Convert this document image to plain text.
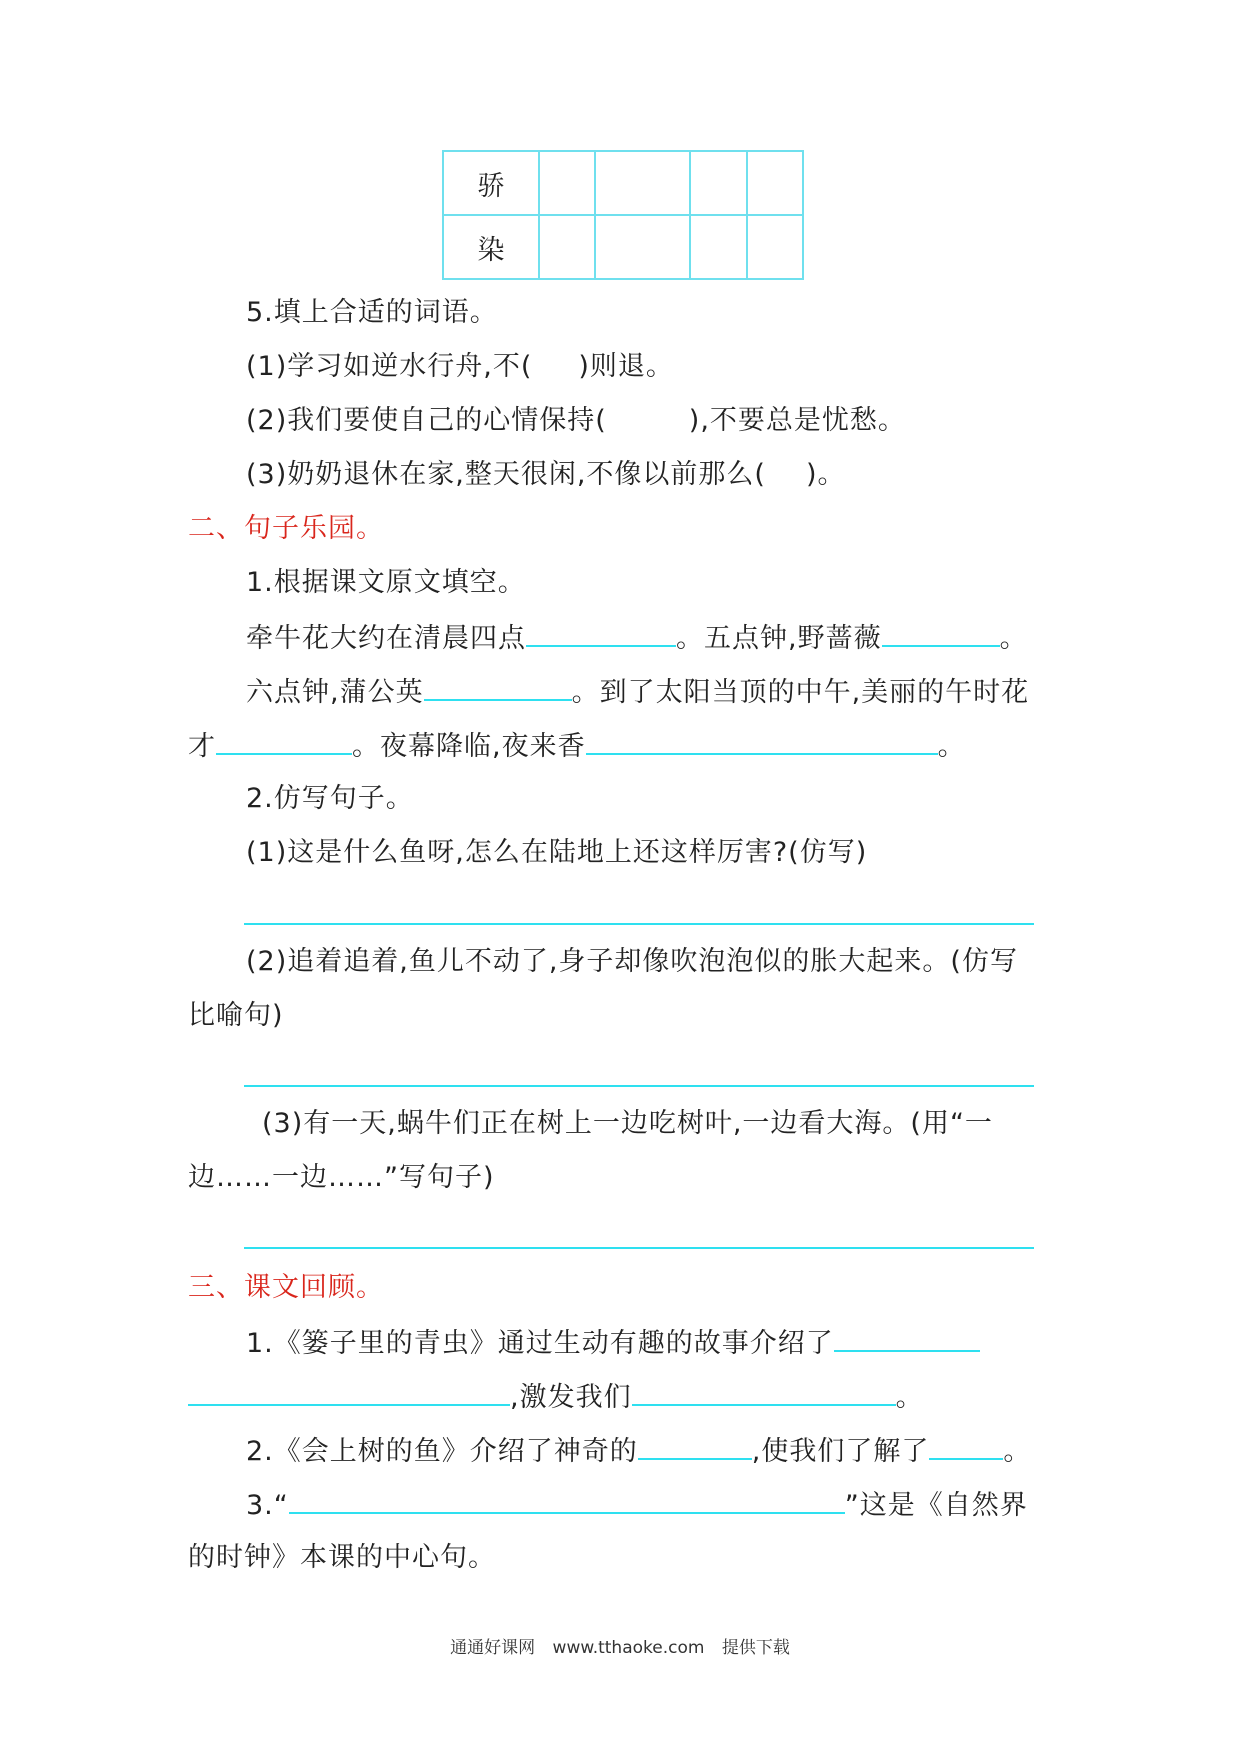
骄				
染				
5.填上合适的词语。
(1)学习如逆水行舟,不( )则退。
(2)我们要使自己的心情保持(	),不要总是忧愁。
(3)奶奶退休在家,整天很闲,不像以前那么( )。
二、句子乐园。
1.根据课文原文填空。
牵牛花大约在清晨四点	。五点钟,野蔷薇	。
六点钟,蒲公英	。到了太阳当顶的中午,美丽的午时花
才	。夜幕降临,夜来香	。
2.仿写句子。
(1)这是什么鱼呀,怎么在陆地上还这样厉害?(仿写)
(2)追着追着,鱼儿不动了,身子却像吹泡泡似的胀大起来。(仿写
比喻句)
(3)有一天,蜗牛们正在树上一边吃树叶,一边看大海。(用“一
边……一边……”写句子)
三、课文回顾。
1.《篓子里的青虫》通过生动有趣的故事介绍了
,激发我们	。
2.《会上树的鱼》介绍了神奇的	,使我们了解了	。
3.“	”这是《自然界
的时钟》本课的中心句。
通通好课网 www.tthaoke.com 提供下载
